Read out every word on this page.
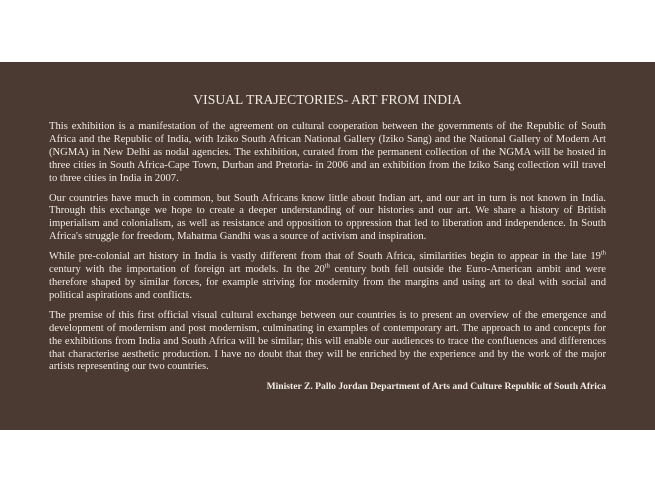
VISUAL TRAJECTORIES- ART FROM INDIA

This exhibition is a manifestation of the agreement on cultural cooperation between the governments of the Republic of South Africa and the Republic of India, with Iziko South African National Gallery (Iziko Sang) and the National Gallery of Modern Art (NGMA) in New Delhi as nodal agencies. The exhibition, curated from the permanent collection of the NGMA will be hosted in three cities in South Africa-Cape Town, Durban and Pretoria- in 2006 and an exhibition from the Iziko Sang collection will travel to three cities in India in 2007.

Our countries have much in common, but South Africans know little about Indian art, and our art in turn is not known in India. Through this exchange we hope to create a deeper understanding of our histories and our art. We share a history of British imperialism and colonialism, as well as resistance and opposition to oppression that led to liberation and independence. In South Africa's struggle for freedom, Mahatma Gandhi was a source of activism and inspiration.

While pre-colonial art history in India is vastly different from that of South Africa, similarities begin to appear in the late 19th century with the importation of foreign art models. In the 20th century both fell outside the Euro-American ambit and were therefore shaped by similar forces, for example striving for modernity from the margins and using art to deal with social and political aspirations and conflicts.

The premise of this first official visual cultural exchange between our countries is to present an overview of the emergence and development of modernism and post modernism, culminating in examples of contemporary art. The approach to and concepts for the exhibitions from India and South Africa will be similar; this will enable our audiences to trace the confluences and differences that characterise aesthetic production. I have no doubt that they will be enriched by the experience and by the work of the major artists representing our two countries.

Minister Z. Pallo Jordan Department of Arts and Culture Republic of South Africa
